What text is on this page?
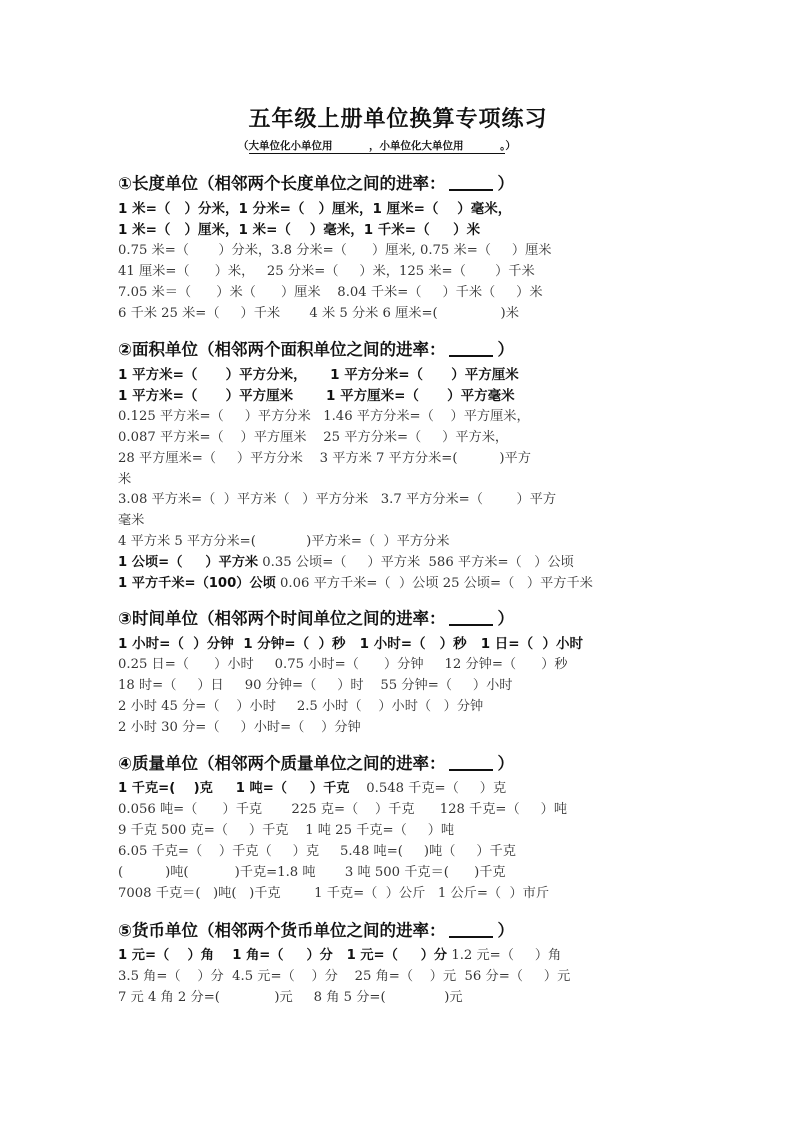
五年级上册单位换算专项练习
（大单位化小单位用          ，小单位化大单位用          。）
①长度单位（相邻两个长度单位之间的进率：	）
1 米=（   ）分米，1 分米=（   ）厘米，1 厘米=（    ）毫米，
1 米=（   ）厘米，1 米=（    ）毫米，1 千米=（     ）米
0.75 米=（       ）分米，3.8 分米=（      ）厘米, 0.75 米=（     ）厘米
41 厘米=（      ）米，   25 分米=（     ）米，125 米=（       ）千米
7.05 米＝（      ）米（      ）厘米    8.04 千米=（     ）千米（     ）米
6 千米 25 米=（     ）千米       4 米 5 分米 6 厘米=(               )米
②面积单位（相邻两个面积单位之间的进率：	）
1 平方米=（      ）平方分米，     1 平方分米=（      ）平方厘米
1 平方米=（      ）平方厘米       1 平方厘米=（      ）平方毫米
0.125 平方米=（     ）平方分米   1.46 平方分米=（    ）平方厘米，
0.087 平方米=（    ）平方厘米    25 平方分米=（     ）平方米，
28 平方厘米=（     ）平方分米    3 平方米 7 平方分米=(          )平方
米
3.08 平方米=（  ）平方米（   ）平方分米   3.7 平方分米=（        ）平方
毫米
4 平方米 5 平方分米=(            )平方米=（  ）平方分米
1 公顷=（     ）平方米 0.35 公顷=（     ）平方米  586 平方米=（   ）公顷
1 平方千米=（100）公顷 0.06 平方千米=（  ）公顷 25 公顷=（   ）平方千米
③时间单位（相邻两个时间单位之间的进率：	）
1 小时=（  ）分钟  1 分钟=（  ）秒   1 小时=（   ）秒   1 日=（  ）小时
0.25 日=（      ）小时     0.75 小时=（      ）分钟     12 分钟=（      ）秒
18 时=（     ）日     90 分钟=（     ）时    55 分钟=（     ）小时
2 小时 45 分=（    ）小时     2.5 小时（    ）小时（   ）分钟
2 小时 30 分=（     ）小时=（    ）分钟
④质量单位（相邻两个质量单位之间的进率：	）
1 千克=(    )克     1 吨=（     ）千克    0.548 千克=（     ）克
0.056 吨=（      ）千克       225 克=（    ）千克      128 千克=（     ）吨
9 千克 500 克=（     ）千克    1 吨 25 千克=（     ）吨
6.05 千克=（    ）千克（     ）克     5.48 吨=(     )吨（     ）千克
(          )吨(           )千克=1.8 吨       3 吨 500 千克＝(      )千克
7008 千克＝(   )吨(   )千克        1 千克=（  ）公斤   1 公斤=（  ）市斤
⑤货币单位（相邻两个货币单位之间的进率：	）
1 元=（    ）角    1 角=（     ）分   1 元=（     ）分 1.2 元=（     ）角
3.5 角=（    ）分  4.5 元=（    ）分    25 角=（    ）元  56 分=（     ）元
7 元 4 角 2 分=(             )元     8 角 5 分=(              )元
